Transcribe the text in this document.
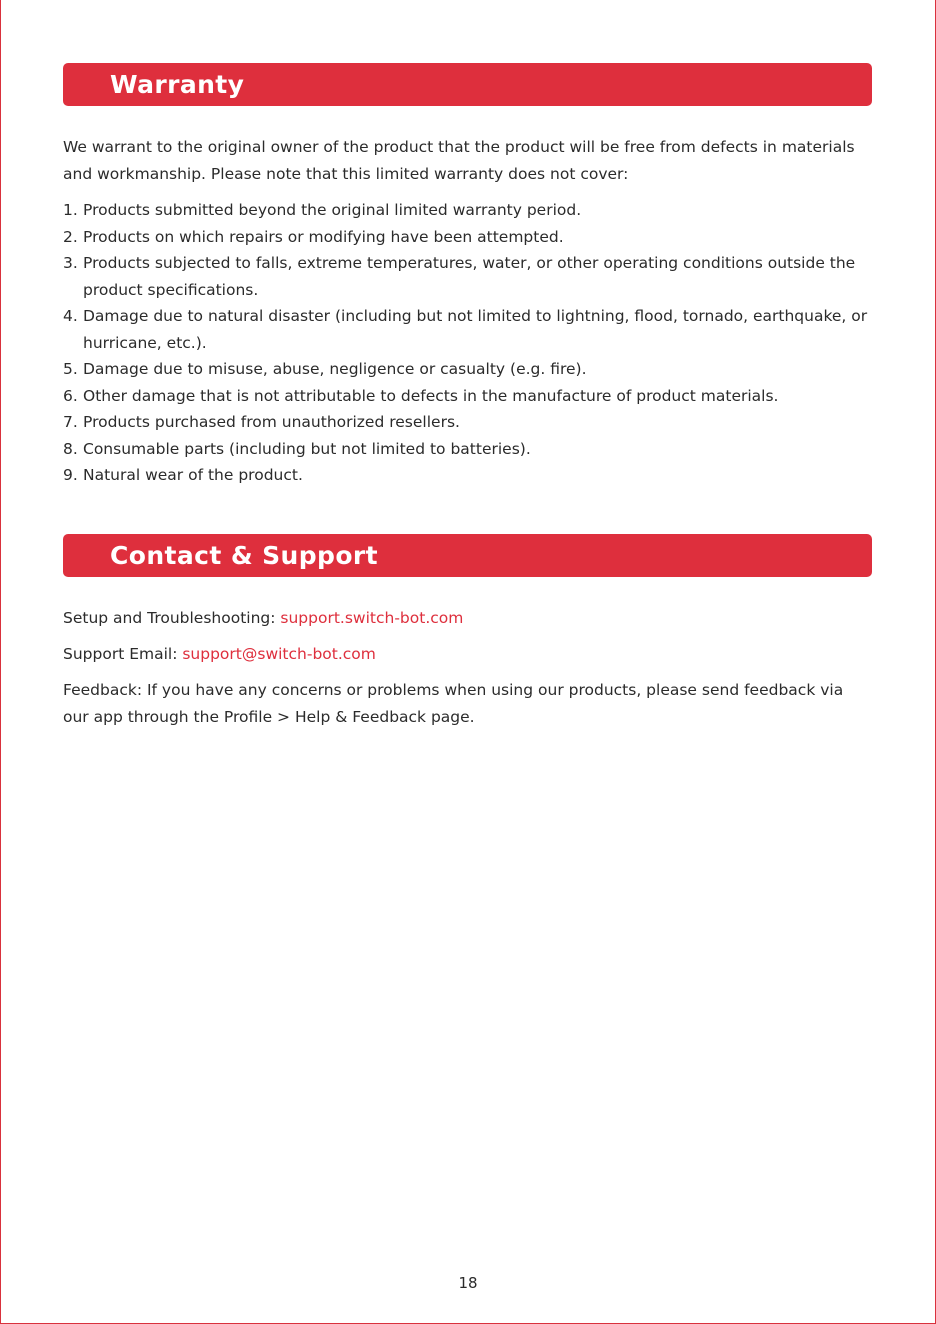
Warranty
We warrant to the original owner of the product that the product will be free from defects in materials and workmanship. Please note that this limited warranty does not cover:
1. Products submitted beyond the original limited warranty period.
2. Products on which repairs or modifying have been attempted.
3. Products subjected to falls, extreme temperatures, water, or other operating conditions outside the product specifications.
4. Damage due to natural disaster (including but not limited to lightning, flood, tornado, earthquake, or hurricane, etc.).
5. Damage due to misuse, abuse, negligence or casualty (e.g. fire).
6. Other damage that is not attributable to defects in the manufacture of product materials.
7. Products purchased from unauthorized resellers.
8. Consumable parts (including but not limited to batteries).
9. Natural wear of the product.
Contact & Support
Setup and Troubleshooting: support.switch-bot.com
Support Email: support@switch-bot.com
Feedback: If you have any concerns or problems when using our products, please send feedback via our app through the Profile > Help & Feedback page.
18
